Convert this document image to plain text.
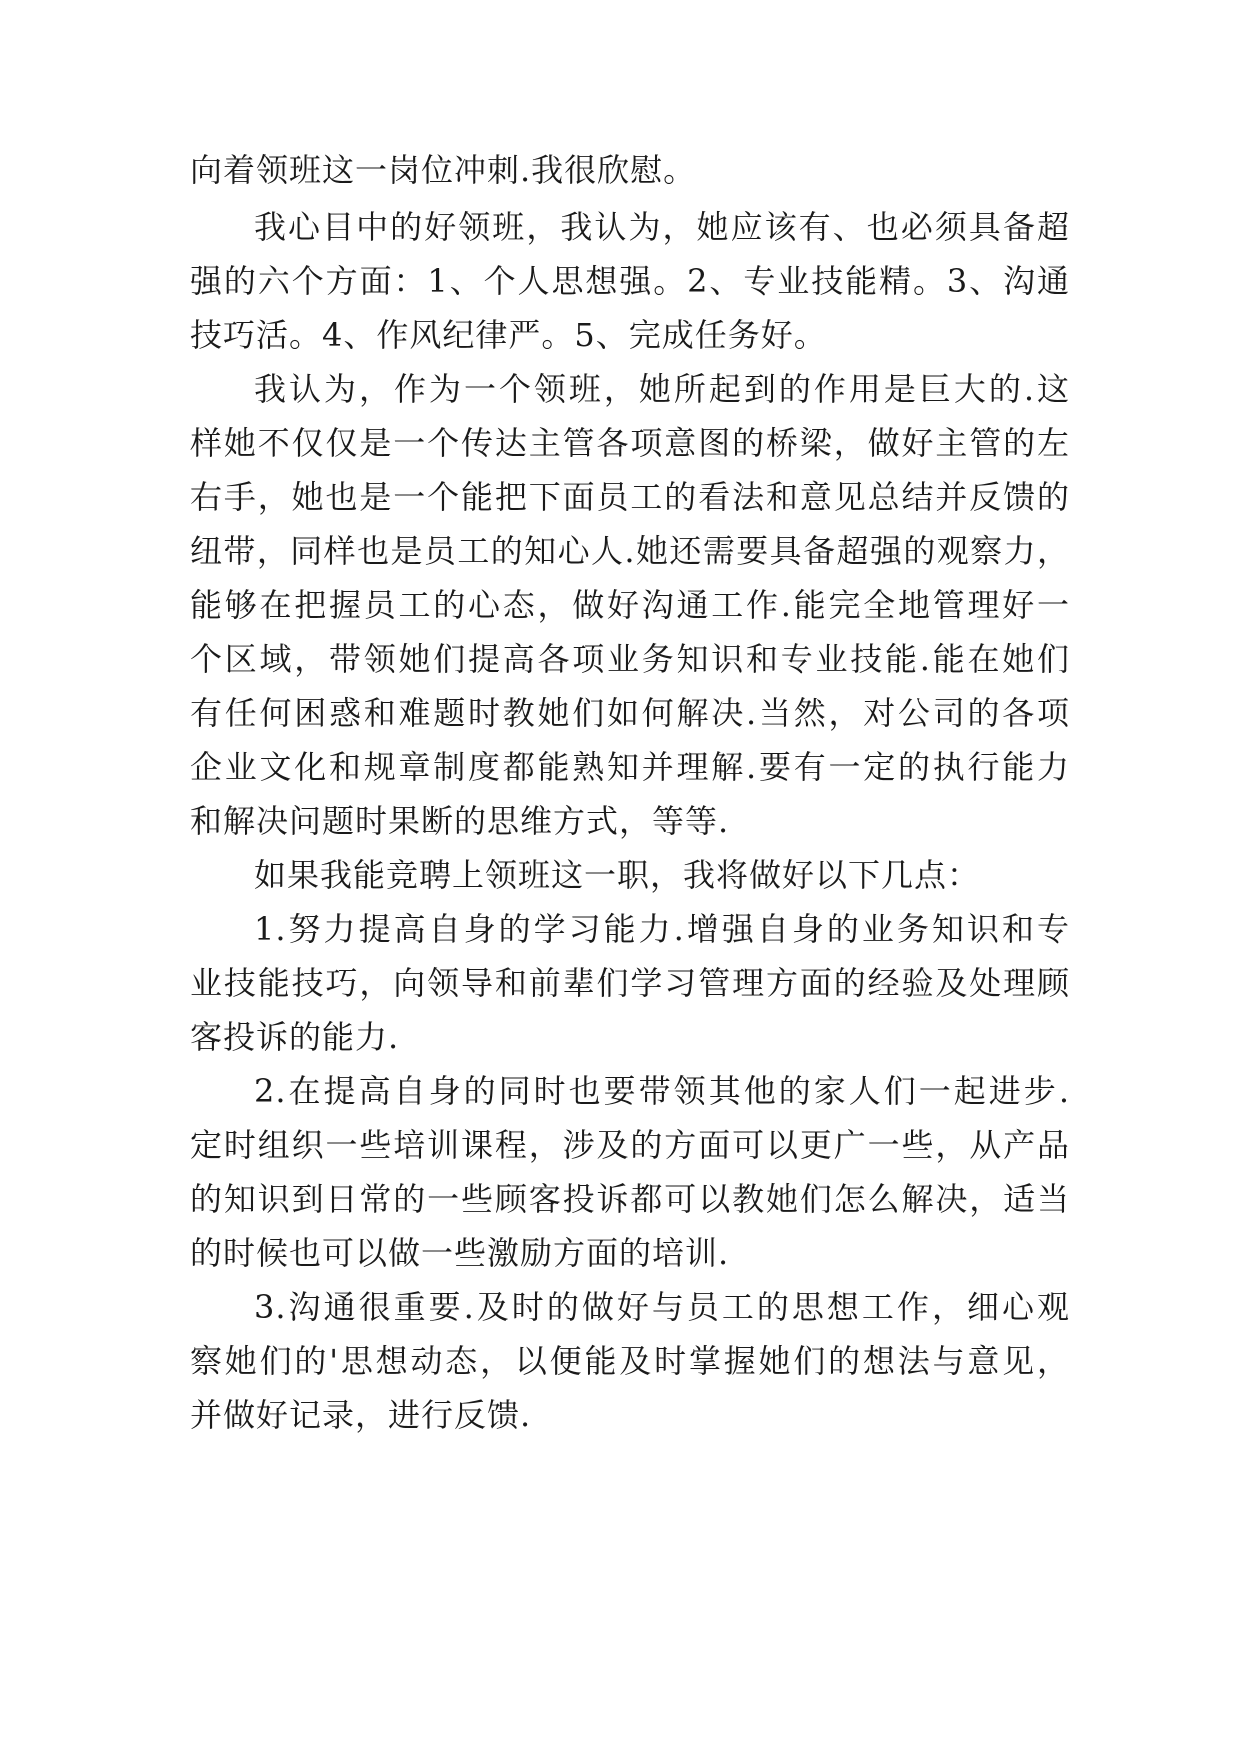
向着领班这一岗位冲刺.我很欣慰。
我心目中的好领班，我认为，她应该有、也必须具备超
强的六个方面：1、个人思想强。2、专业技能精。3、沟通
技巧活。4、作风纪律严。5、完成任务好。
我认为，作为一个领班，她所起到的作用是巨大的.这
样她不仅仅是一个传达主管各项意图的桥梁，做好主管的左
右手，她也是一个能把下面员工的看法和意见总结并反馈的
纽带，同样也是员工的知心人.她还需要具备超强的观察力，
能够在把握员工的心态，做好沟通工作.能完全地管理好一
个区域，带领她们提高各项业务知识和专业技能.能在她们
有任何困惑和难题时教她们如何解决.当然，对公司的各项
企业文化和规章制度都能熟知并理解.要有一定的执行能力
和解决问题时果断的思维方式，等等.
如果我能竞聘上领班这一职，我将做好以下几点：
1.努力提高自身的学习能力.增强自身的业务知识和专
业技能技巧，向领导和前辈们学习管理方面的经验及处理顾
客投诉的能力.
2.在提高自身的同时也要带领其他的家人们一起进步.
定时组织一些培训课程，涉及的方面可以更广一些，从产品
的知识到日常的一些顾客投诉都可以教她们怎么解决，适当
的时候也可以做一些激励方面的培训.
3.沟通很重要.及时的做好与员工的思想工作，细心观
察她们的'思想动态，以便能及时掌握她们的想法与意见，
并做好记录，进行反馈.
